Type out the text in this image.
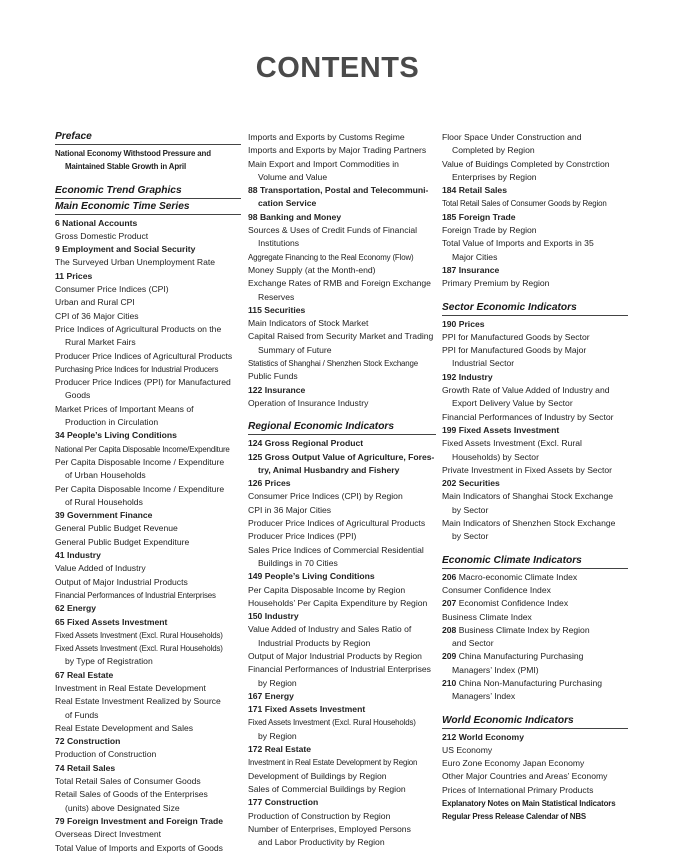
CONTENTS
Preface
National Economy Withstood Pressure and
Maintained Stable Growth in April
Economic Trend Graphics
Main Economic Time Series
6 National Accounts
Gross Domestic Product
9 Employment and Social Security
The Surveyed Urban Unemployment Rate
11 Prices
Consumer Price Indices (CPI)
Urban and Rural CPI
CPI of 36 Major Cities
Price Indices of Agricultural Products on the
Rural Market Fairs
Producer Price Indices of Agricultural Products
Purchasing Price Indices for Industrial Producers
Producer Price Indices (PPI) for Manufactured
Goods
Market Prices of Important Means of
Production in Circulation
34 People’s Living Conditions
National Per Capita Disposable Income/Expenditure
Per Capita Disposable Income / Expenditure
of Urban Households
Per Capita Disposable Income / Expenditure
of Rural Households
39 Government Finance
General Public Budget Revenue
General Public Budget Expenditure
41 Industry
Value Added of Industry
Output of Major Industrial Products
Financial Performances of Industrial Enterprises
62 Energy
65 Fixed Assets Investment
Fixed Assets Investment (Excl. Rural Households)
Fixed Assets Investment (Excl. Rural Households)
by Type of Registration
67 Real Estate
Investment in Real Estate Development
Real Estate Investment Realized by Source
of Funds
Real Estate Development and Sales
72 Construction
Production of Construction
74 Retail Sales
Total Retail Sales of Consumer Goods
Retail Sales of Goods of the Enterprises
(units) above Designated Size
79 Foreign Investment and Foreign Trade
Overseas Direct Investment
Total Value of Imports and Exports of Goods
Imports and Exports by Customs Regime
Imports and Exports by Major Trading Partners
Main Export and Import Commodities in
Volume and Value
88 Transportation, Postal and Telecommuni-
cation Service
98 Banking and Money
Sources & Uses of Credit Funds of Financial
Institutions
Aggregate Financing to the Real Economy (Flow)
Money Supply (at the Month-end)
Exchange Rates of RMB and Foreign Exchange
Reserves
115 Securities
Main Indicators of Stock Market
Capital Raised from Security Market and Trading
Summary of Future
Statistics of Shanghai / Shenzhen Stock Exchange
Public Funds
122 Insurance
Operation of Insurance Industry
Regional Economic Indicators
124 Gross Regional Product
125 Gross Output Value of Agriculture, Fores-
try, Animal Husbandry and Fishery
126 Prices
Consumer Price Indices (CPI) by Region
CPI in 36 Major Cities
Producer Price Indices of Agricultural Products
Producer Price Indices (PPI)
Sales Price Indices of Commercial Residential
Buildings in 70 Cities
149 People’s Living Conditions
Per Capita Disposable Income by Region
Households’ Per Capita Expenditure by Region
150 Industry
Value Added of Industry and Sales Ratio of
Industrial Products by Region
Output of Major Industrial Products by Region
Financial Performances of Industrial Enterprises
by Region
167 Energy
171 Fixed Assets Investment
Fixed Assets Investment (Excl. Rural Households)
by Region
172 Real Estate
Investment in Real Estate Development by Region
Development of Buildings by Region
Sales of Commercial Buildings by Region
177 Construction
Production of Construction by Region
Number of Enterprises, Employed Persons
and Labor Productivity by Region
Floor Space Under Construction and
Completed by Region
Value of Buidings Completed by Constrction
Enterprises by Region
184 Retail Sales
Total Retail Sales of Consumer Goods by Region
185 Foreign Trade
Foreign Trade by Region
Total Value of Imports and Exports in 35
Major Cities
187 Insurance
Primary Premium by Region
Sector Economic Indicators
190 Prices
PPI for Manufactured Goods by Sector
PPI for Manufactured Goods by Major
Industrial Sector
192 Industry
Growth Rate of Value Added of Industry and
Export Delivery Value by Sector
Financial Performances of Industry by Sector
199 Fixed Assets Investment
Fixed Assets Investment (Excl. Rural
Households) by Sector
Private Investment in Fixed Assets by Sector
202 Securities
Main Indicators of Shanghai Stock Exchange
by Sector
Main Indicators of Shenzhen Stock Exchange
by Sector
Economic Climate Indicators
206 Macro-economic Climate Index
Consumer Confidence Index
207 Economist Confidence Index
Business Climate Index
208 Business Climate Index by Region
and Sector
209 China Manufacturing Purchasing
Managers’ Index (PMI)
210 China Non-Manufacturing Purchasing
Managers’ Index
World Economic Indicators
212 World Economy
US Economy
Euro Zone Economy Japan Economy
Other Major Countries and Areas’ Economy
Prices of International Primary Products
Explanatory Notes on Main Statistical Indicators
Regular Press Release Calendar of NBS
